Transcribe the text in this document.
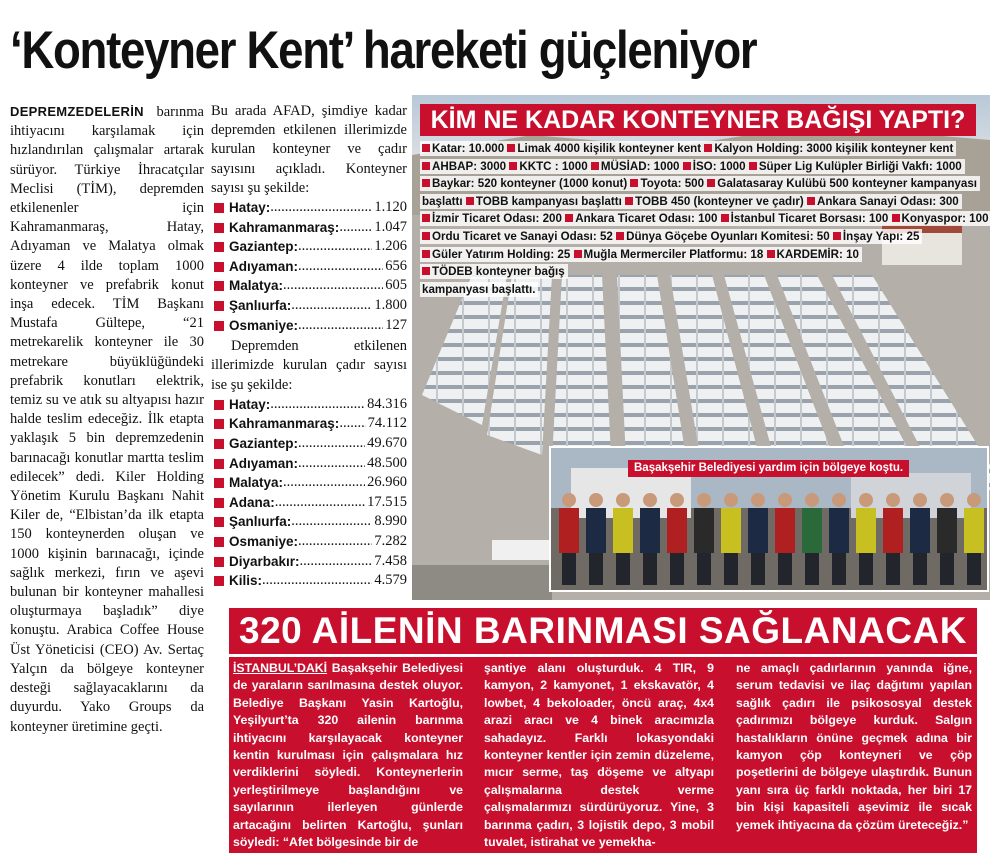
‘Konteyner Kent’ hareketi güçleniyor
DEPREMZEDELERİN barınma ihtiyacını karşılamak için hızlandırılan çalışmalar artarak sürüyor. Türkiye İhracatçılar Meclisi (TİM), depremden etkilenenler için Kahramanmaraş, Hatay, Adıyaman ve Malatya olmak üzere 4 ilde toplam 1000 konteyner ve prefabrik konut inşa edecek. TİM Başkanı Mustafa Gültepe, “21 metrekarelik konteyner ile 30 metrekare büyüklüğündeki prefabrik konutları elektrik, temiz su ve atık su altyapısı hazır halde teslim edeceğiz. İlk etapta yaklaşık 5 bin depremzedenin barınacağı konutlar martta teslim edilecek” dedi. Kiler Holding Yönetim Kurulu Başkanı Nahit Kiler de, “Elbistan’da ilk etapta 150 konteynerden oluşan ve 1000 kişinin barınacağı, içinde sağlık merkezi, fırın ve aşevi bulunan bir konteyner mahallesi oluşturmaya başladık” diye konuştu. Arabica Coffee House Üst Yöneticisi (CEO) Av. Sertaç Yalçın da bölgeye konteyner desteği sağlayacaklarını da duyurdu. Yako Groups da konteyner üretimine geçti.

Bu arada AFAD, şimdiye kadar depremden etkilenen illerimizde kurulan konteyner ve çadır sayısını açıkladı. Konteyner sayısı şu şekilde:

Hatay: .....	1.120
Kahramanmaraş: ..... 1.047
Gaziantep: .....	1.206
Adıyaman: .....	656
Malatya: .....	605
Şanlıurfa: .....	1.800
Osmaniye: .....	127

Depremden etkilenen illerimizde kurulan çadır sayısı ise şu şekilde:

Hatay: .....	84.316
Kahramanmaraş: ..... 74.112
Gaziantep: .....	49.670
Adıyaman: .....	48.500
Malatya: .....	26.960
Adana: .....	17.515
Şanlıurfa: .....	8.990
Osmaniye: .....	7.282
Diyarbakır: .....	7.458
Kilis: .....	4.579
KİM NE KADAR KONTEYNER BAĞIŞI YAPTI?
Katar: 10.000 Limak 4000 kişilik konteyner kent Kalyon Holding: 3000 kişilik konteyner kent
AHBAP: 3000 KKTC : 1000 MÜSİAD: 1000 İSO: 1000 Süper Lig Kulüpler Birliği Vakfı: 1000
Baykar: 520 konteyner (1000 konut) Toyota: 500 Galatasaray Kulübü 500 konteyner kampanyası
başlattı TOBB kampanyası başlattı TOBB 450 (konteyner ve çadır) Ankara Sanayi Odası: 300
İzmir Ticaret Odası: 200 Ankara Ticaret Odası: 100 İstanbul Ticaret Borsası: 100 Konyaspor: 100
Ordu Ticaret ve Sanayi Odası: 52 Dünya Göçebe Oyunları Komitesi: 50 İnşay Yapı: 25
Güler Yatırım Holding: 25 Muğla Mermerciler Platformu: 18 KARDEMİR: 10
TÖDEB konteyner bağış
kampanyası başlattı.
Başakşehir Belediyesi yardım için bölgeye koştu.
320 AİLENİN BARINMASI SAĞLANACAK

İSTANBUL’DAKİ Başakşehir Belediyesi de yaraların sarılmasına destek oluyor. Belediye Başkanı Yasin Kartoğlu, Yeşilyurt’ta 320 ailenin barınma ihtiyacını karşılayacak konteyner kentin kurulması için çalışmalara hız verdiklerini söyledi. Konteynerlerin yerleştirilmeye başlandığını ve sayılarının ilerleyen günlerde artacağını belirten Kartoğlu, şunları söyledi: “Afet bölgesinde bir de

şantiye alanı oluşturduk. 4 TIR, 9 kamyon, 2 kamyonet, 1 ekskavatör, 4 lowbet, 4 bekoloader, öncü araç, 4x4 arazi aracı ve 4 binek aracımızla sahadayız. Farklı lokasyondaki konteyner kentler için zemin düzeleme, mıcır serme, taş döşeme ve altyapı çalışmalarına destek verme çalışmalarımızı sürdürüyoruz. Yine, 3 barınma çadırı, 3 lojistik depo, 3 mobil tuvalet, istirahat ve yemekha-

ne amaçlı çadırlarının yanında iğne, serum tedavisi ve ilaç dağıtımı yapılan sağlık çadırı ile psikososyal destek çadırımızı bölgeye kurduk. Salgın hastalıkların önüne geçmek adına bir kamyon çöp konteyneri ve çöp poşetlerini de bölgeye ulaştırdık. Bunun yanı sıra üç farklı noktada, her biri 17 bin kişi kapasiteli aşevimiz ile sıcak yemek ihtiyacına da çözüm üreteceğiz.”
